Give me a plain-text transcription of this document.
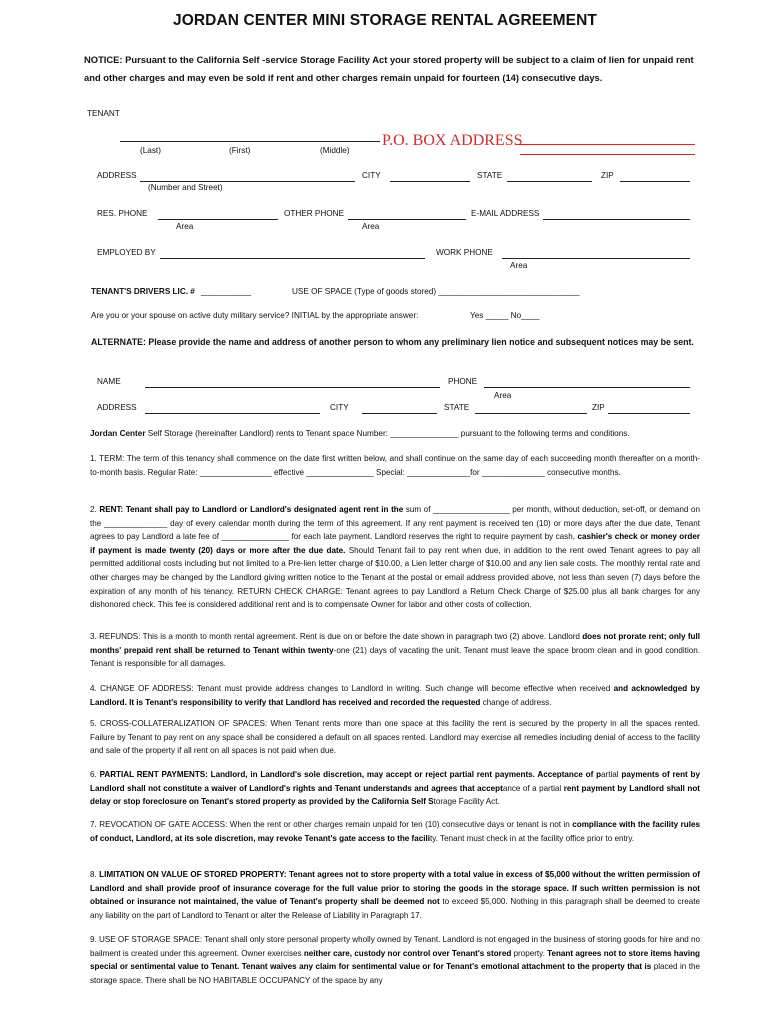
JORDAN CENTER MINI STORAGE RENTAL AGREEMENT
NOTICE: Pursuant to the California Self -service Storage Facility Act your stored property will be subject to a claim of lien for unpaid rent and other charges and may even be sold if rent and other charges remain unpaid for fourteen (14) consecutive days.
TENANT
P.O. BOX ADDRESS
(Last)	(First)	(Middle)
ADDRESS	CITY	STATE	ZIP
(Number and Street)
RES. PHONE	OTHER PHONE	E-MAIL ADDRESS
Area	Area
EMPLOYED BY	WORK PHONE
Area
TENANT'S DRIVERS LIC. # ___________	USE OF SPACE (Type of goods stored) _______________________________
Are you or your spouse on active duty military service? INITIAL by the appropriate answer:	Yes _____ No____
ALTERNATE: Please provide the name and address of another person to whom any preliminary lien notice and subsequent notices may be sent.
NAME	PHONE
Area
ADDRESS	CITY	STATE	ZIP
Jordan Center Self Storage (hereinafter Landlord) rents to Tenant space Number: _______________ pursuant to the following terms and conditions.
1. TERM: The term of this tenancy shall commence on the date first written below, and shall continue on the same day of each succeeding month thereafter on a month-to-month basis. Regular Rate: ________________ effective _______________ Special: ______________for ______________ consecutive months.
2. RENT: Tenant shall pay to Landlord or Landlord's designated agent rent in the sum of _________________ per month, without deduction, set-off, or demand on the ______________ day of every calendar month during the term of this agreement. If any rent payment is received ten (10) or more days after the due date, Tenant agrees to pay Landlord a late fee of _______________ for each late payment. Landlord reserves the right to require payment by cash, cashier's check or money order if payment is made twenty (20) days or more after the due date. Should Tenant fail to pay rent when due, in addition to the rent owed Tenant agrees to pay all permitted additional costs including but not limited to a Pre-lien letter charge of $10.00, a Lien letter charge of $10.00 and any lien sale costs. The monthly rental rate and other charges may be changed by the Landlord giving written notice to the Tenant at the postal or email address provided above, not less than seven (7) days before the expiration of any month of his tenancy. RETURN CHECK CHARGE: Tenant agrees to pay Landlord a Return Check Charge of $25.00 plus all bank charges for any dishonored check. This fee is considered additional rent and is to compensate Owner for labor and other costs of collection.
3. REFUNDS: This is a month to month rental agreement. Rent is due on or before the date shown in paragraph two (2) above. Landlord does not prorate rent; only full months' prepaid rent shall be returned to Tenant within twenty-one (21) days of vacating the unit. Tenant must leave the space broom clean and in good condition. Tenant is responsible for all damages.
4. CHANGE OF ADDRESS: Tenant must provide address changes to Landlord in writing. Such change will become effective when received and acknowledged by Landlord. It is Tenant's responsibility to verify that Landlord has received and recorded the requested change of address.
5. CROSS-COLLATERALIZATION OF SPACES: When Tenant rents more than one space at this facility the rent is secured by the property in all the spaces rented. Failure by Tenant to pay rent on any space shall be considered a default on all spaces rented. Landlord may exercise all remedies including denial of access to the facility and sale of the property if all rent on all spaces is not paid when due.
6. PARTIAL RENT PAYMENTS: Landlord, in Landlord's sole discretion, may accept or reject partial rent payments. Acceptance of partial payments of rent by Landlord shall not constitute a waiver of Landlord's rights and Tenant understands and agrees that acceptance of a partial rent payment by Landlord shall not delay or stop foreclosure on Tenant's stored property as provided by the California Self Storage Facility Act.
7. REVOCATION OF GATE ACCESS: When the rent or other charges remain unpaid for ten (10) consecutive days or tenant is not in compliance with the facility rules of conduct, Landlord, at its sole discretion, may revoke Tenant's gate access to the facility. Tenant must check in at the facility office prior to entry.
8. LIMITATION ON VALUE OF STORED PROPERTY: Tenant agrees not to store property with a total value in excess of $5,000 without the written permission of Landlord and shall provide proof of insurance coverage for the full value prior to storing the goods in the storage space. If such written permission is not obtained or insurance not maintained, the value of Tenant's property shall be deemed not to exceed $5,000. Nothing in this paragraph shall be deemed to create any liability on the part of Landlord to Tenant or alter the Release of Liability in Paragraph 17.
9. USE OF STORAGE SPACE: Tenant shall only store personal property wholly owned by Tenant. Landlord is not engaged in the business of storing goods for hire and no bailment is created under this agreement. Owner exercises neither care, custody nor control over Tenant's stored property. Tenant agrees not to store items having special or sentimental value to Tenant. Tenant waives any claim for sentimental value or for Tenant's emotional attachment to the property that is placed in the storage space. There shall be NO HABITABLE OCCUPANCY of the space by any
